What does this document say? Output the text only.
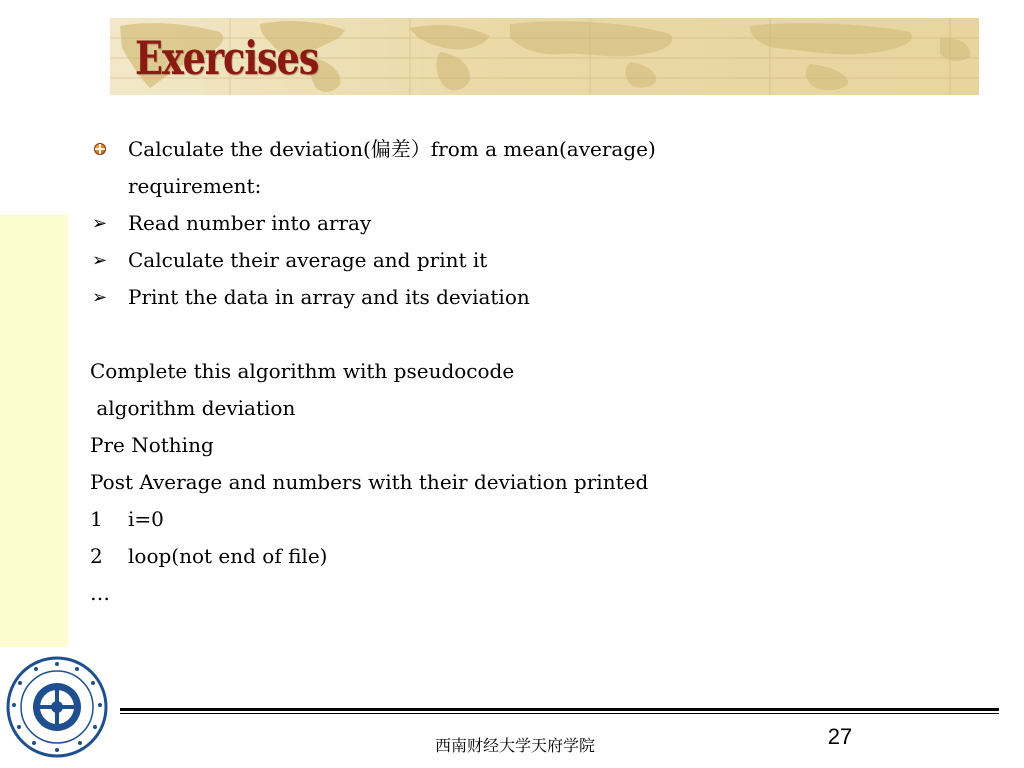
Exercises
Calculate the deviation(偏差）from a mean(average)
requirement:
➢ Read number into array
➢ Calculate their average and print it
➢ Print the data in array and its deviation
Complete this algorithm with pseudocode
algorithm deviation
Pre Nothing
Post Average and numbers with their deviation printed
1 i=0
2 loop(not end of file)
…
西南财经大学天府学院	27
